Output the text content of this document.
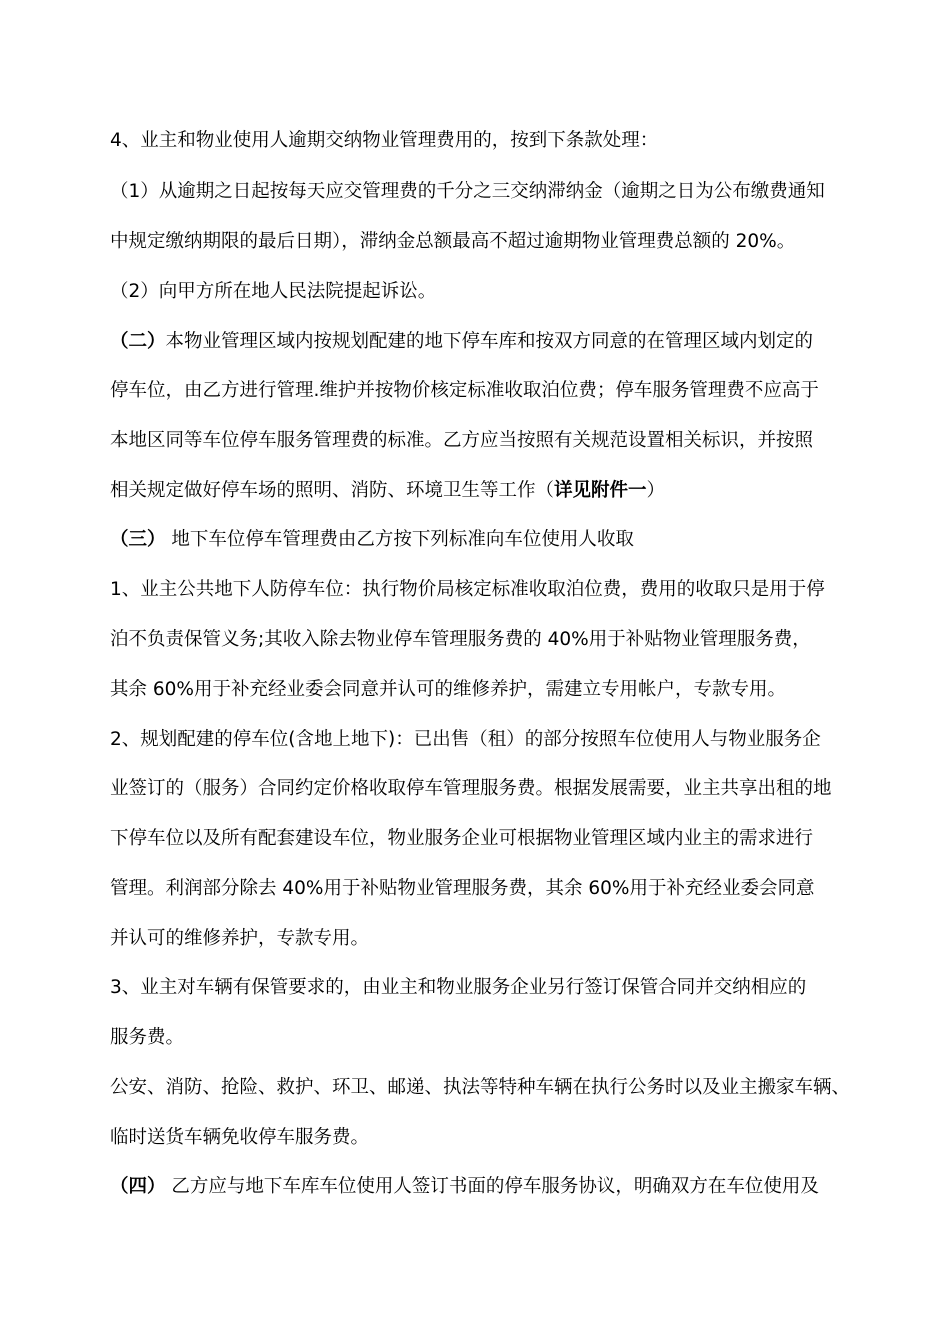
4、业主和物业使用人逾期交纳物业管理费用的，按到下条款处理：
（1）从逾期之日起按每天应交管理费的千分之三交纳滞纳金（逾期之日为公布缴费通知
中规定缴纳期限的最后日期），滞纳金总额最高不超过逾期物业管理费总额的 20%。
（2）向甲方所在地人民法院提起诉讼。
（二）本物业管理区域内按规划配建的地下停车库和按双方同意的在管理区域内划定的
停车位，由乙方进行管理.维护并按物价核定标准收取泊位费；停车服务管理费不应高于
本地区同等车位停车服务管理费的标准。乙方应当按照有关规范设置相关标识，并按照
相关规定做好停车场的照明、消防、环境卫生等工作（详见附件一）
（三） 地下车位停车管理费由乙方按下列标准向车位使用人收取
1、业主公共地下人防停车位：执行物价局核定标准收取泊位费，费用的收取只是用于停
泊不负责保管义务;其收入除去物业停车管理服务费的 40%用于补贴物业管理服务费，
其余 60%用于补充经业委会同意并认可的维修养护，需建立专用帐户，专款专用。
2、规划配建的停车位(含地上地下)：已出售（租）的部分按照车位使用人与物业服务企
业签订的（服务）合同约定价格收取停车管理服务费。根据发展需要，业主共享出租的地
下停车位以及所有配套建设车位，物业服务企业可根据物业管理区域内业主的需求进行
管理。利润部分除去 40%用于补贴物业管理服务费，其余 60%用于补充经业委会同意
并认可的维修养护，专款专用。
3、业主对车辆有保管要求的，由业主和物业服务企业另行签订保管合同并交纳相应的
服务费。
公安、消防、抢险、救护、环卫、邮递、执法等特种车辆在执行公务时以及业主搬家车辆、
临时送货车辆免收停车服务费。
（四） 乙方应与地下车库车位使用人签订书面的停车服务协议，明确双方在车位使用及
